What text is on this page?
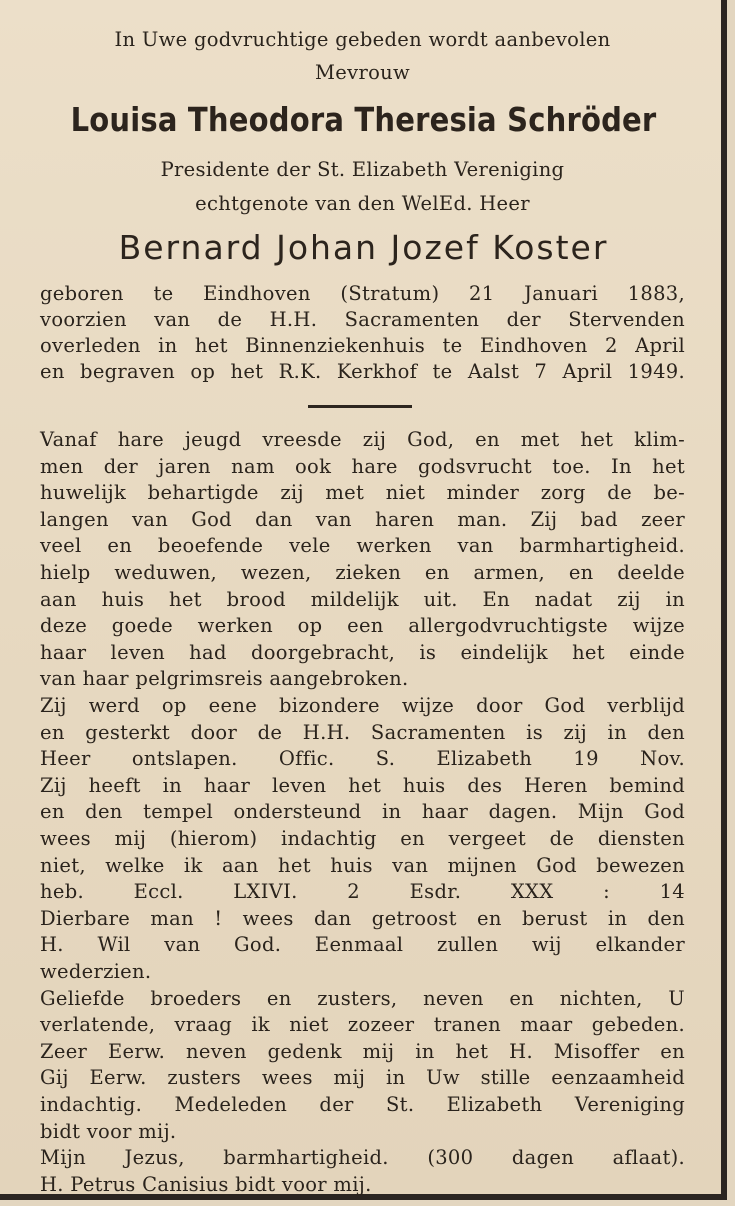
In Uwe godvruchtige gebeden wordt aanbevolen
Mevrouw
Louisa Theodora Theresia Schröder
Presidente der St. Elizabeth Vereniging
echtgenote van den WelEd. Heer
Bernard Johan Jozef Koster
geboren te Eindhoven (Stratum) 21 Januari 1883,
voorzien van de H.H. Sacramenten der Stervenden
overleden in het Binnenziekenhuis te Eindhoven 2 April
en begraven op het R.K. Kerkhof te Aalst 7 April 1949.
Vanaf hare jeugd vreesde zij God, en met het klim-
men der jaren nam ook hare godsvrucht toe. In het
huwelijk behartigde zij met niet minder zorg de be-
langen van God dan van haren man. Zij bad zeer
veel en beoefende vele werken van barmhartigheid.
hielp weduwen, wezen, zieken en armen, en deelde
aan huis het brood mildelijk uit. En nadat zij in
deze goede werken op een allergodvruchtigste wijze
haar leven had doorgebracht, is eindelijk het einde
van haar pelgrimsreis aangebroken.
Zij werd op eene bizondere wijze door God verblijd
en gesterkt door de H.H. Sacramenten is zij in den
Heer ontslapen. Offic. S. Elizabeth 19 Nov.
Zij heeft in haar leven het huis des Heren bemind
en den tempel ondersteund in haar dagen. Mijn God
wees mij (hierom) indachtig en vergeet de diensten
niet, welke ik aan het huis van mijnen God bewezen
heb. Eccl. LXIVI. 2 Esdr. XXX : 14
Dierbare man ! wees dan getroost en berust in den
H. Wil van God. Eenmaal zullen wij elkander
wederzien.
Geliefde broeders en zusters, neven en nichten, U
verlatende, vraag ik niet zozeer tranen maar gebeden.
Zeer Eerw. neven gedenk mij in het H. Misoffer en
Gij Eerw. zusters wees mij in Uw stille eenzaamheid
indachtig. Medeleden der St. Elizabeth Vereniging
bidt voor mij.
Mijn Jezus, barmhartigheid. (300 dagen aflaat).
H. Petrus Canisius bidt voor mij.
